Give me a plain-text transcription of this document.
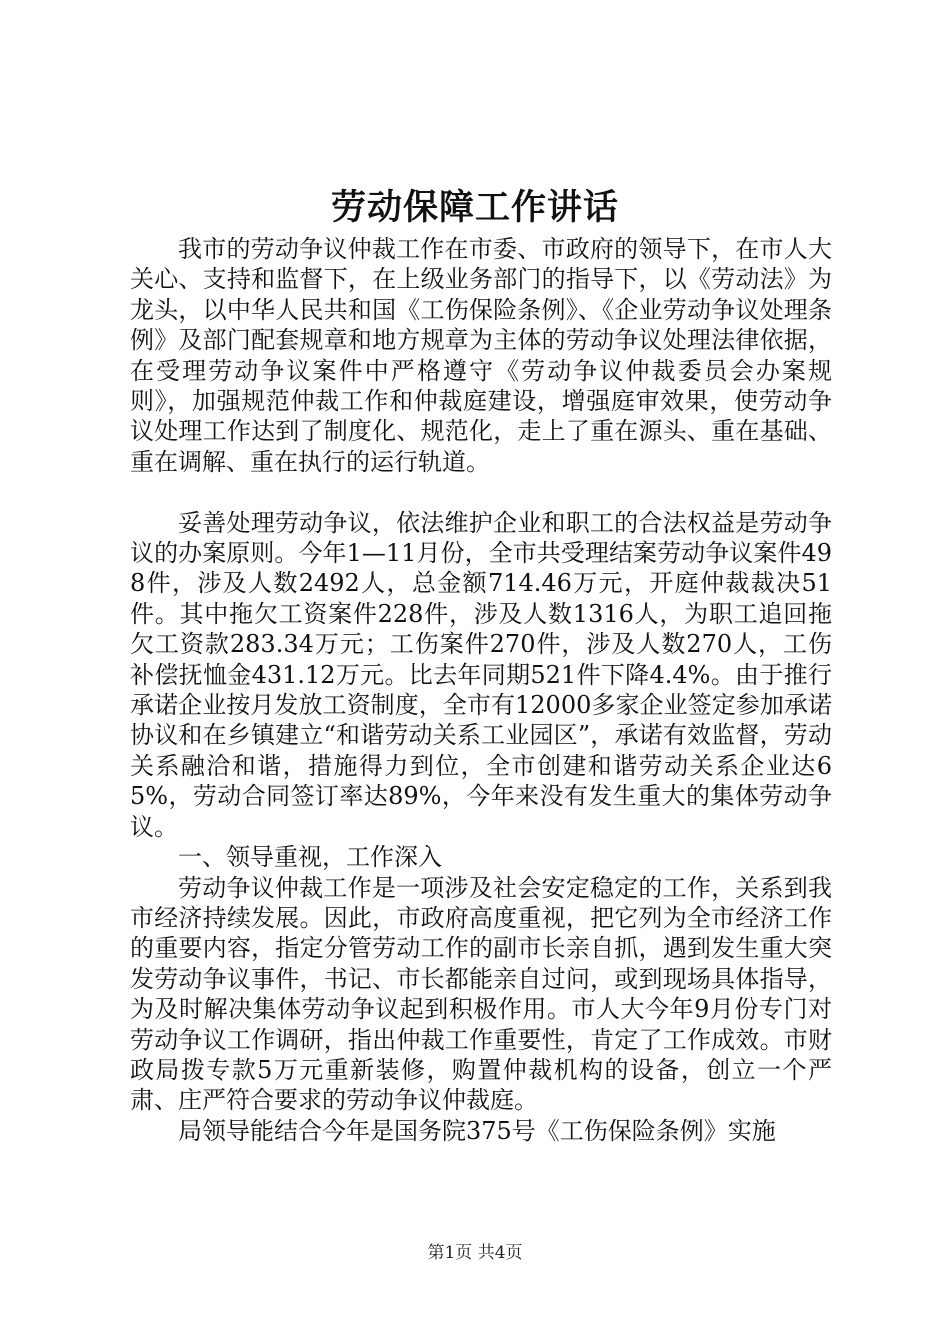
劳动保障工作讲话

我市的劳动争议仲裁工作在市委、市政府的领导下，在市人大关心、支持和监督下，在上级业务部门的指导下，以《劳动法》为龙头，以中华人民共和国《工伤保险条例》、《企业劳动争议处理条例》及部门配套规章和地方规章为主体的劳动争议处理法律依据，在受理劳动争议案件中严格遵守《劳动争议仲裁委员会办案规则》，加强规范仲裁工作和仲裁庭建设，增强庭审效果，使劳动争议处理工作达到了制度化、规范化，走上了重在源头、重在基础、重在调解、重在执行的运行轨道。

妥善处理劳动争议，依法维护企业和职工的合法权益是劳动争议的办案原则。今年1—11月份，全市共受理结案劳动争议案件498件，涉及人数2492人，总金额714.46万元，开庭仲裁裁决51件。其中拖欠工资案件228件，涉及人数1316人，为职工追回拖欠工资款283.34万元；工伤案件270件，涉及人数270人，工伤补偿抚恤金431.12万元。比去年同期521件下降4.4%。由于推行承诺企业按月发放工资制度，全市有12000多家企业签定参加承诺协议和在乡镇建立“和谐劳动关系工业园区”，承诺有效监督，劳动关系融洽和谐，措施得力到位，全市创建和谐劳动关系企业达65%，劳动合同签订率达89%，今年来没有发生重大的集体劳动争议。

一、领导重视，工作深入

劳动争议仲裁工作是一项涉及社会安定稳定的工作，关系到我市经济持续发展。因此，市政府高度重视，把它列为全市经济工作的重要内容，指定分管劳动工作的副市长亲自抓，遇到发生重大突发劳动争议事件，书记、市长都能亲自过问，或到现场具体指导，为及时解决集体劳动争议起到积极作用。市人大今年9月份专门对劳动争议工作调研，指出仲裁工作重要性，肯定了工作成效。市财政局拨专款5万元重新装修，购置仲裁机构的设备，创立一个严肃、庄严符合要求的劳动争议仲裁庭。

局领导能结合今年是国务院375号《工伤保险条例》实施

第1页 共4页
